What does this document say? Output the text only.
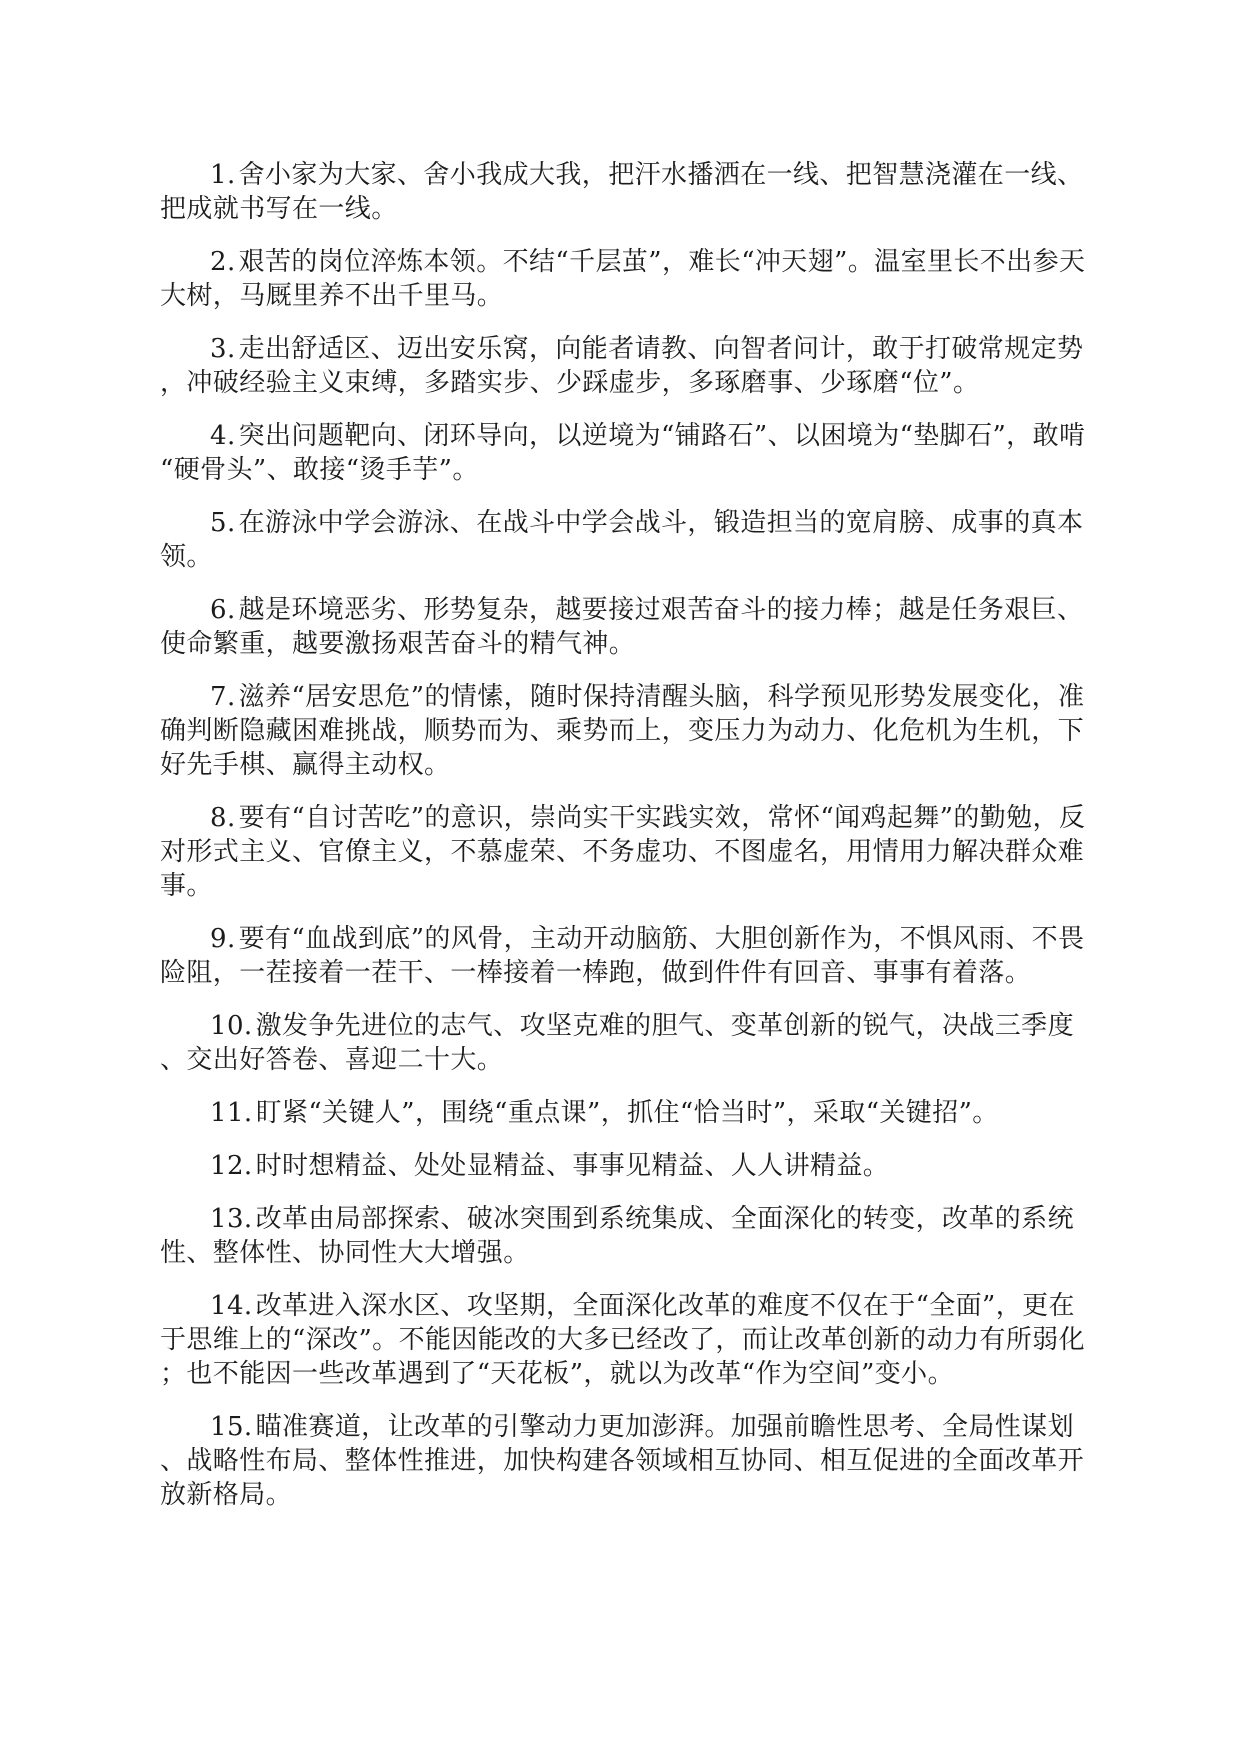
1. 舍小家为大家、舍小我成大我，把汗水播洒在一线、把智慧浇灌在一线、把成就书写在一线。

2. 艰苦的岗位淬炼本领。不结“千层茧”，难长“冲天翅”。温室里长不出参天大树，马厩里养不出千里马。

3. 走出舒适区、迈出安乐窝，向能者请教、向智者问计，敢于打破常规定势，冲破经验主义束缚，多踏实步、少踩虚步，多琢磨事、少琢磨“位”。

4. 突出问题靶向、闭环导向，以逆境为“铺路石”、以困境为“垫脚石”，敢啃“硬骨头”、敢接“烫手芋”。

5. 在游泳中学会游泳、在战斗中学会战斗，锻造担当的宽肩膀、成事的真本领。

6. 越是环境恶劣、形势复杂，越要接过艰苦奋斗的接力棒；越是任务艰巨、使命繁重，越要激扬艰苦奋斗的精气神。

7. 滋养“居安思危”的情愫，随时保持清醒头脑，科学预见形势发展变化，准确判断隐藏困难挑战，顺势而为、乘势而上，变压力为动力、化危机为生机，下好先手棋、赢得主动权。

8. 要有“自讨苦吃”的意识，崇尚实干实践实效，常怀“闻鸡起舞”的勤勉，反对形式主义、官僚主义，不慕虚荣、不务虚功、不图虚名，用情用力解决群众难事。

9. 要有“血战到底”的风骨，主动开动脑筋、大胆创新作为，不惧风雨、不畏险阻，一茬接着一茬干、一棒接着一棒跑，做到件件有回音、事事有着落。

10. 激发争先进位的志气、攻坚克难的胆气、变革创新的锐气，决战三季度、交出好答卷、喜迎二十大。

11. 盯紧“关键人”，围绕“重点课”，抓住“恰当时”，采取“关键招”。

12. 时时想精益、处处显精益、事事见精益、人人讲精益。

13. 改革由局部探索、破冰突围到系统集成、全面深化的转变，改革的系统性、整体性、协同性大大增强。

14. 改革进入深水区、攻坚期，全面深化改革的难度不仅在于“全面”，更在于思维上的“深改”。不能因能改的大多已经改了，而让改革创新的动力有所弱化；也不能因一些改革遇到了“天花板”，就以为改革“作为空间”变小。

15. 瞄准赛道，让改革的引擎动力更加澎湃。加强前瞻性思考、全局性谋划、战略性布局、整体性推进，加快构建各领域相互协同、相互促进的全面改革开放新格局。
